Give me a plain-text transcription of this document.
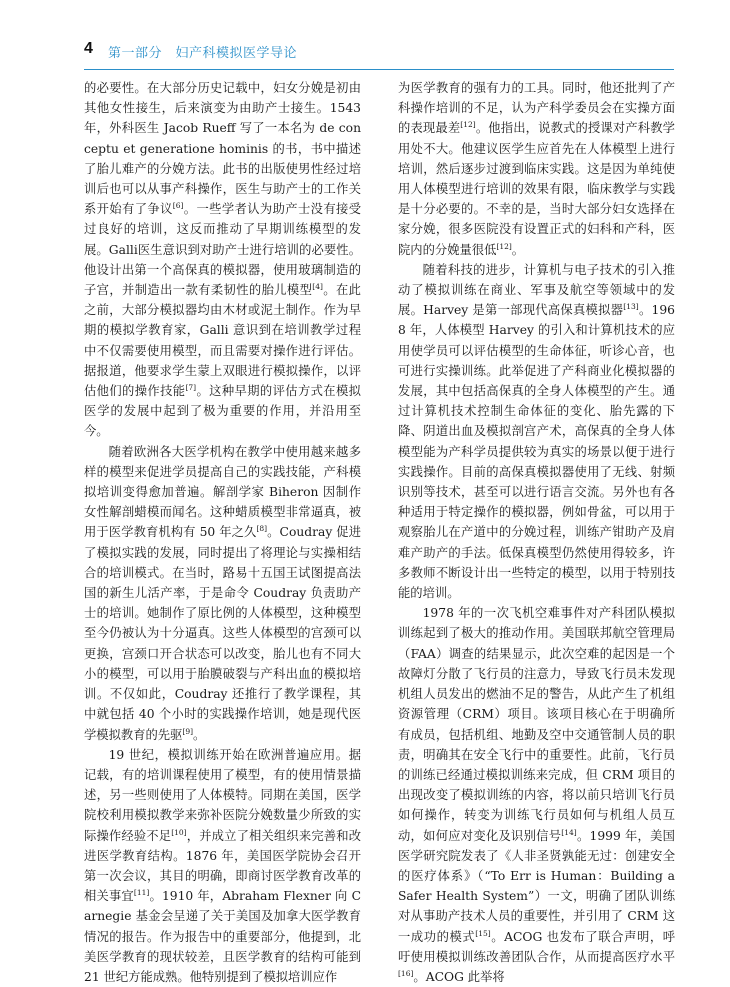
4 第一部分　妇产科模拟医学导论

的必要性。在大部分历史记载中，妇女分娩是初由其他女性接生，后来演变为由助产士接生。1543年，外科医生 Jacob Rueff 写了一本名为 de conceptu et generatione hominis 的书，书中描述了胎儿难产的分娩方法。此书的出版使男性经过培训后也可以从事产科操作，医生与助产士的工作关系开始有了争议[6]。一些学者认为助产士没有接受过良好的培训，这反而推动了早期训练模型的发展。Galli医生意识到对助产士进行培训的必要性。他设计出第一个高保真的模拟器，使用玻璃制造的子宫，并制造出一款有柔韧性的胎儿模型[4]。在此之前，大部分模拟器均由木材或泥土制作。作为早期的模拟学教育家，Galli 意识到在培训教学过程中不仅需要使用模型，而且需要对操作进行评估。据报道，他要求学生蒙上双眼进行模拟操作，以评估他们的操作技能[7]。这种早期的评估方式在模拟医学的发展中起到了极为重要的作用，并沿用至今。

随着欧洲各大医学机构在教学中使用越来越多样的模型来促进学员提高自己的实践技能，产科模拟培训变得愈加普遍。解剖学家 Biheron 因制作女性解剖蜡模而闻名。这种蜡质模型非常逼真，被用于医学教育机构有 50 年之久[8]。Coudray 促进了模拟实践的发展，同时提出了将理论与实操相结合的培训模式。在当时，路易十五国王试图提高法国的新生儿活产率，于是命令 Coudray 负责助产士的培训。她制作了原比例的人体模型，这种模型至今仍被认为十分逼真。这些人体模型的宫颈可以更换，宫颈口开合状态可以改变，胎儿也有不同大小的模型，可以用于胎膜破裂与产科出血的模拟培训。不仅如此，Coudray 还推行了教学课程，其中就包括 40 个小时的实践操作培训，她是现代医学模拟教育的先驱[9]。

19 世纪，模拟训练开始在欧洲普遍应用。据记载，有的培训课程使用了模型，有的使用情景描述，另一些则使用了人体模特。同期在美国，医学院校利用模拟教学来弥补医院分娩数量少所致的实际操作经验不足[10]，并成立了相关组织来完善和改进医学教育结构。1876 年，美国医学院协会召开第一次会议，其目的明确，即商讨医学教育改革的相关事宜[11]。1910 年，Abraham Flexner 向 Carnegie 基金会呈递了关于美国及加拿大医学教育情况的报告。作为报告中的重要部分，他提到，北美医学教育的现状较差，且医学教育的结构可能到 21 世纪方能成熟。他特别提到了模拟培训应作

为医学教育的强有力的工具。同时，他还批判了产科操作培训的不足，认为产科学委员会在实操方面的表现最差[12]。他指出，说教式的授课对产科教学用处不大。他建议医学生应首先在人体模型上进行培训，然后逐步过渡到临床实践。这是因为单纯使用人体模型进行培训的效果有限，临床教学与实践是十分必要的。不幸的是，当时大部分妇女选择在家分娩，很多医院没有设置正式的妇科和产科，医院内的分娩量很低[12]。

随着科技的进步，计算机与电子技术的引入推动了模拟训练在商业、军事及航空等领域中的发展。Harvey 是第一部现代高保真模拟器[13]。1968 年，人体模型 Harvey 的引入和计算机技术的应用使学员可以评估模型的生命体征，听诊心音，也可进行实操训练。此举促进了产科商业化模拟器的发展，其中包括高保真的全身人体模型的产生。通过计算机技术控制生命体征的变化、胎先露的下降、阴道出血及模拟剖宫产术，高保真的全身人体模型能为产科学员提供较为真实的场景以便于进行实践操作。目前的高保真模拟器使用了无线、射频识别等技术，甚至可以进行语言交流。另外也有各种适用于特定操作的模拟器，例如骨盆，可以用于观察胎儿在产道中的分娩过程，训练产钳助产及肩难产助产的手法。低保真模型仍然使用得较多，许多教师不断设计出一些特定的模型，以用于特别技能的培训。

1978 年的一次飞机空难事件对产科团队模拟训练起到了极大的推动作用。美国联邦航空管理局（FAA）调查的结果显示，此次空难的起因是一个故障灯分散了飞行员的注意力，导致飞行员未发现机组人员发出的燃油不足的警告，从此产生了机组资源管理（CRM）项目。该项目核心在于明确所有成员，包括机组、地勤及空中交通管制人员的职责，明确其在安全飞行中的重要性。此前，飞行员的训练已经通过模拟训练来完成，但 CRM 项目的出现改变了模拟训练的内容，将以前只培训飞行员如何操作，转变为训练飞行员如何与机组人员互动，如何应对变化及识别信号[14]。1999 年，美国医学研究院发表了《人非圣贤孰能无过：创建安全的医疗体系》（“To Err is Human：Building a Safer Health System”）一文，明确了团队训练对从事助产技术人员的重要性，并引用了 CRM 这一成功的模式[15]。ACOG 也发布了联合声明，呼吁使用模拟训练改善团队合作，从而提高医疗水平[16]。ACOG 此举将
